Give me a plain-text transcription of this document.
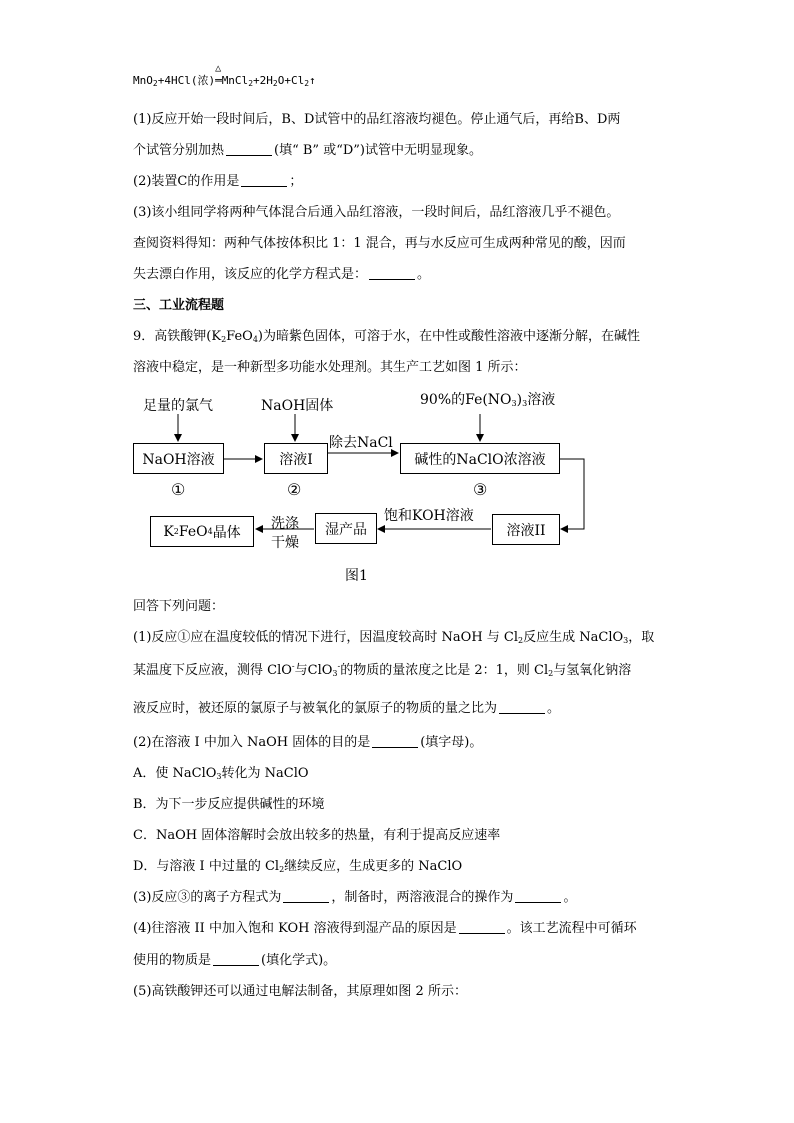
MnO$_2$+4HCl(浓)
△
$═MnCl_2+2H_2O+Cl_2↑$
(1)反应开始一段时间后，B、D试管中的品红溶液均褪色。停止通气后，再给B、D两
个试管分别加热	(填“ B” 或“D”)试管中无明显现象。
(2)装置C的作用是	；
(3)该小组同学将两种气体混合后通入品红溶液，一段时间后，品红溶液几乎不褪色。
查阅资料得知：两种气体按体积比 1：1 混合，再与水反应可生成两种常见的酸，因而
失去漂白作用，该反应的化学方程式是：	。
三、工业流程题
9．高铁酸钾$(K_2FeO_4)$为暗紫色固体，可溶于水，在中性或酸性溶液中逐渐分解，在碱性
溶液中稳定，是一种新型多功能水处理剂。其生产工艺如图 1 所示：
足量的氯气	NaOH固体	90%的$Fe(NO_3)_3$溶液
NaOH溶液	溶液I
除去NaCl
碱性的NaClO浓溶液
①	②	③
溶液II
饱和KOH溶液
湿产品
洗涤
干燥
K 2 FeO 4 晶体
图1
回答下列问题：
(1)反应①应在温度较低的情况下进行，因温度较高时 NaOH 与 $Cl_2$反应生成 NaClO$_3$，取
某温度下反应液，测得 ClO-与ClO$_3$-的物质的量浓度之比是 2：1，则 $Cl_2$与氢氧化钠溶
液反应时，被还原的氯原子与被氧化的氯原子的物质的量之比为	。
(2)在溶液 I 中加入 NaOH 固体的目的是	(填字母)。
A．使 NaClO$_3$转化为 NaClO
B．为下一步反应提供碱性的环境
C．NaOH 固体溶解时会放出较多的热量，有利于提高反应速率
D．与溶液 I 中过量的 $Cl_2$继续反应，生成更多的 NaClO
(3)反应③的离子方程式为	，制备时，两溶液混合的操作为	。
(4)往溶液 II 中加入饱和 KOH 溶液得到湿产品的原因是	。该工艺流程中可循环
使用的物质是	(填化学式)。
(5)高铁酸钾还可以通过电解法制备，其原理如图 2 所示：
